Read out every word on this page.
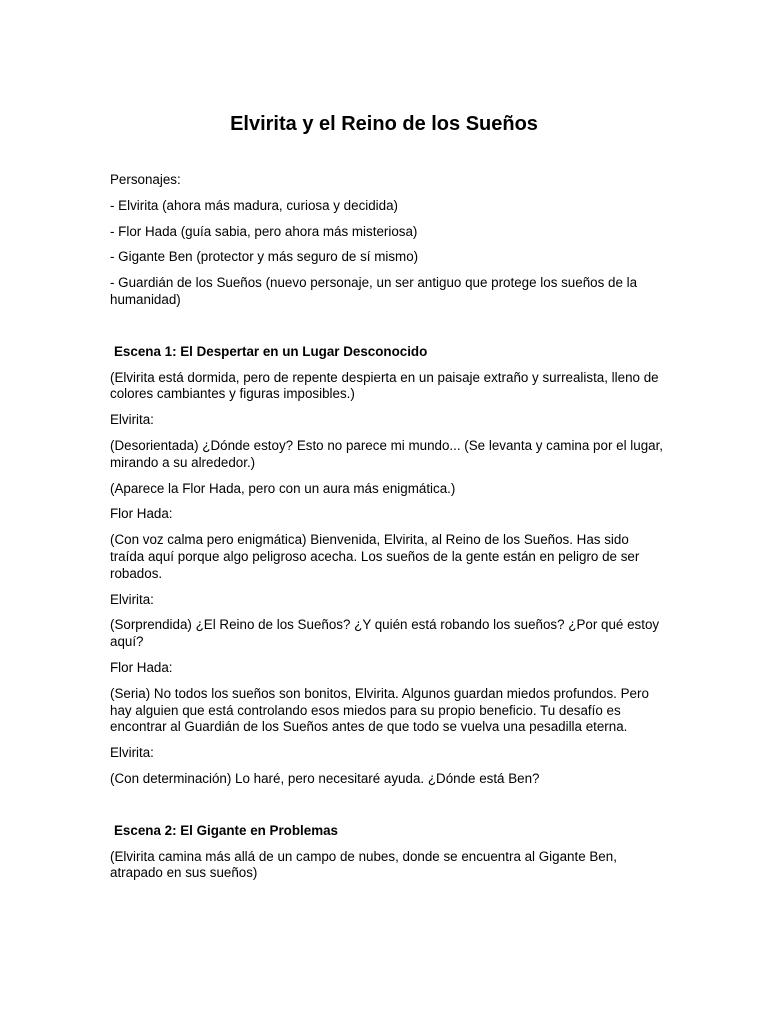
Elvirita y el Reino de los Sueños

Personajes:

- Elvirita (ahora más madura, curiosa y decidida)

- Flor Hada (guía sabia, pero ahora más misteriosa)

- Gigante Ben (protector y más seguro de sí mismo)

- Guardián de los Sueños (nuevo personaje, un ser antiguo que protege los sueños de la humanidad)

Escena 1: El Despertar en un Lugar Desconocido

(Elvirita está dormida, pero de repente despierta en un paisaje extraño y surrealista, lleno de colores cambiantes y figuras imposibles.)

Elvirita:

(Desorientada) ¿Dónde estoy? Esto no parece mi mundo... (Se levanta y camina por el lugar, mirando a su alrededor.)

(Aparece la Flor Hada, pero con un aura más enigmática.)

Flor Hada:

(Con voz calma pero enigmática) Bienvenida, Elvirita, al Reino de los Sueños. Has sido traída aquí porque algo peligroso acecha. Los sueños de la gente están en peligro de ser robados.

Elvirita:

(Sorprendida) ¿El Reino de los Sueños? ¿Y quién está robando los sueños? ¿Por qué estoy aquí?

Flor Hada:

(Seria) No todos los sueños son bonitos, Elvirita. Algunos guardan miedos profundos. Pero hay alguien que está controlando esos miedos para su propio beneficio. Tu desafío es encontrar al Guardián de los Sueños antes de que todo se vuelva una pesadilla eterna.

Elvirita:

(Con determinación) Lo haré, pero necesitaré ayuda. ¿Dónde está Ben?

Escena 2: El Gigante en Problemas

(Elvirita camina más allá de un campo de nubes, donde se encuentra al Gigante Ben, atrapado en sus sueños)
